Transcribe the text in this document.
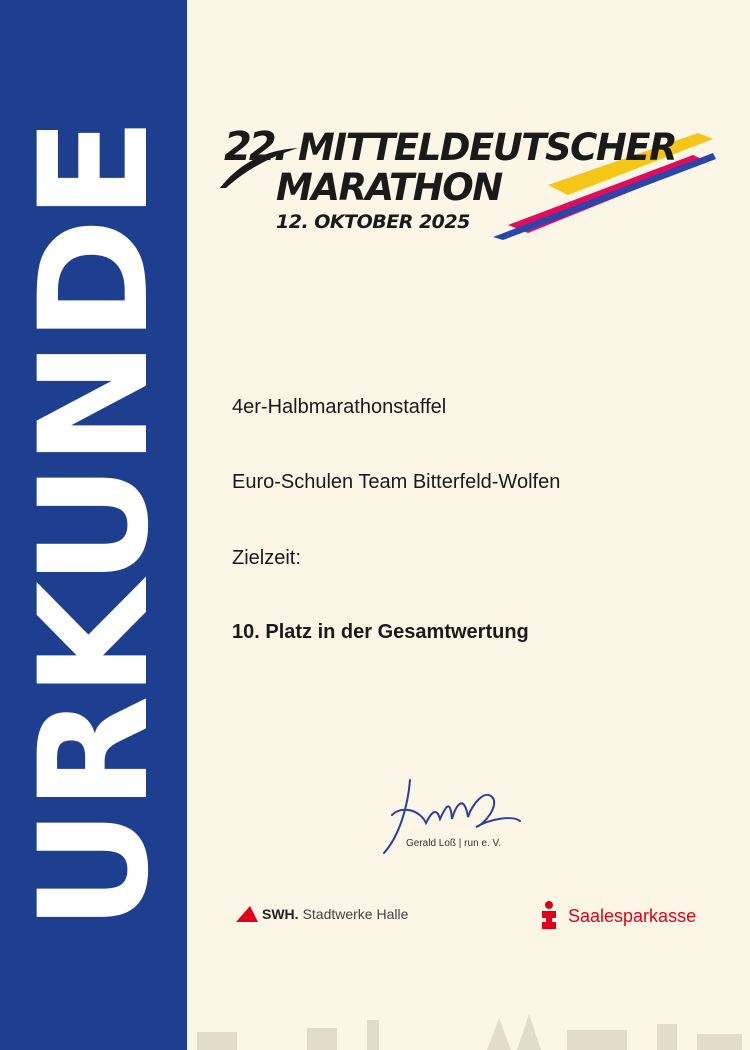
URKUNDE 22. MITTELDEUTSCHER
MARATHON
12. OKTOBER 2025
4er-Halbmarathonstaffel
Euro-Schulen Team Bitterfeld-Wolfen
Zielzeit:
10. Platz in der Gesamtwertung
Gerald Loß | run e. V.
SWH. Stadtwerke Halle	Saalesparkasse
